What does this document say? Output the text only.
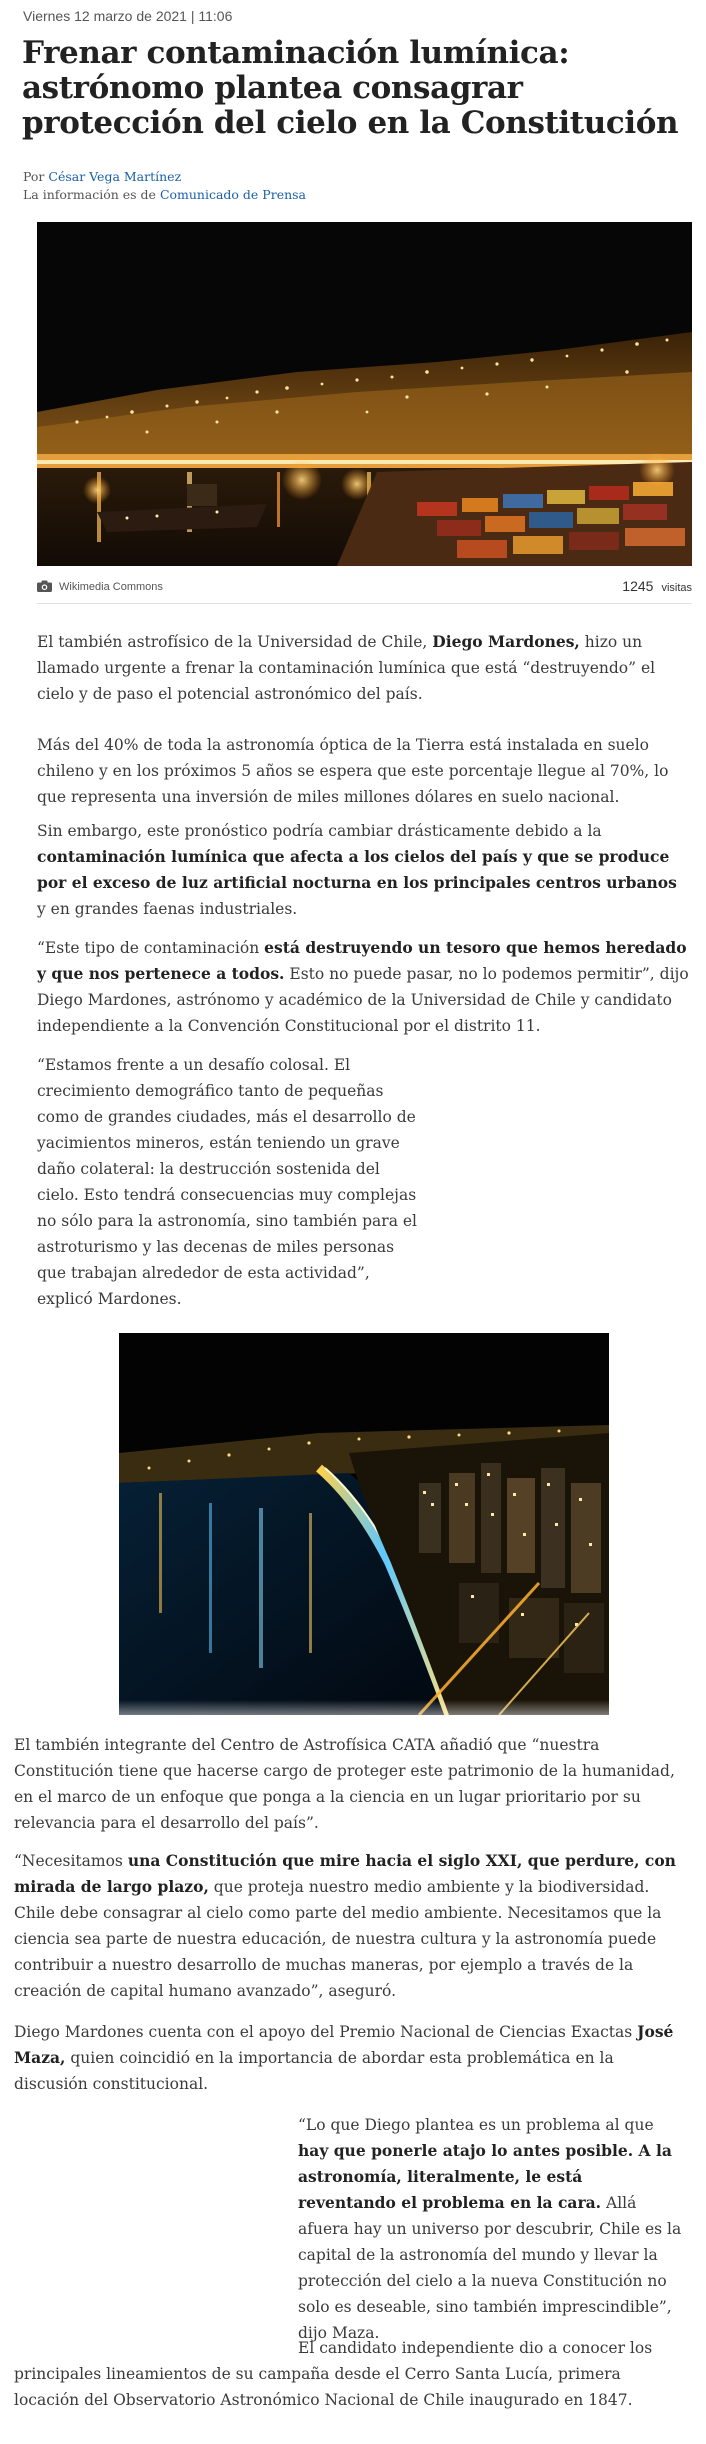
Viernes 12 marzo de 2021 | 11:06
Frenar contaminación lumínica: astrónomo plantea consagrar protección del cielo en la Constitución
Por César Vega Martínez
La información es de Comunicado de Prensa
Wikimedia Commons	1245 visitas

El también astrofísico de la Universidad de Chile, Diego Mardones, hizo un llamado urgente a frenar la contaminación lumínica que está “destruyendo” el cielo y de paso el potencial astronómico del país.

Más del 40% de toda la astronomía óptica de la Tierra está instalada en suelo chileno y en los próximos 5 años se espera que este porcentaje llegue al 70%, lo que representa una inversión de miles millones dólares en suelo nacional.

Sin embargo, este pronóstico podría cambiar drásticamente debido a la contaminación lumínica que afecta a los cielos del país y que se produce por el exceso de luz artificial nocturna en los principales centros urbanos y en grandes faenas industriales.

“Este tipo de contaminación está destruyendo un tesoro que hemos heredado y que nos pertenece a todos. Esto no puede pasar, no lo podemos permitir”, dijo Diego Mardones, astrónomo y académico de la Universidad de Chile y candidato independiente a la Convención Constitucional por el distrito 11.

“Estamos frente a un desafío colosal. El crecimiento demográfico tanto de pequeñas como de grandes ciudades, más el desarrollo de yacimientos mineros, están teniendo un grave daño colateral: la destrucción sostenida del cielo. Esto tendrá consecuencias muy complejas no sólo para la astronomía, sino también para el astroturismo y las decenas de miles personas que trabajan alrededor de esta actividad”, explicó Mardones.

El también integrante del Centro de Astrofísica CATA añadió que “nuestra Constitución tiene que hacerse cargo de proteger este patrimonio de la humanidad, en el marco de un enfoque que ponga a la ciencia en un lugar prioritario por su relevancia para el desarrollo del país”.

“Necesitamos una Constitución que mire hacia el siglo XXI, que perdure, con mirada de largo plazo, que proteja nuestro medio ambiente y la biodiversidad. Chile debe consagrar al cielo como parte del medio ambiente. Necesitamos que la ciencia sea parte de nuestra educación, de nuestra cultura y la astronomía puede contribuir a nuestro desarrollo de muchas maneras, por ejemplo a través de la creación de capital humano avanzado”, aseguró.

Diego Mardones cuenta con el apoyo del Premio Nacional de Ciencias Exactas José Maza, quien coincidió en la importancia de abordar esta problemática en la discusión constitucional.

“Lo que Diego plantea es un problema al que hay que ponerle atajo lo antes posible. A la astronomía, literalmente, le está reventando el problema en la cara. Allá afuera hay un universo por descubrir, Chile es la capital de la astronomía del mundo y llevar la protección del cielo a la nueva Constitución no solo es deseable, sino también imprescindible”, dijo Maza.

El candidato independiente dio a conocer los principales lineamientos de su campaña desde el Cerro Santa Lucía, primera locación del Observatorio Astronómico Nacional de Chile inaugurado en 1847.
